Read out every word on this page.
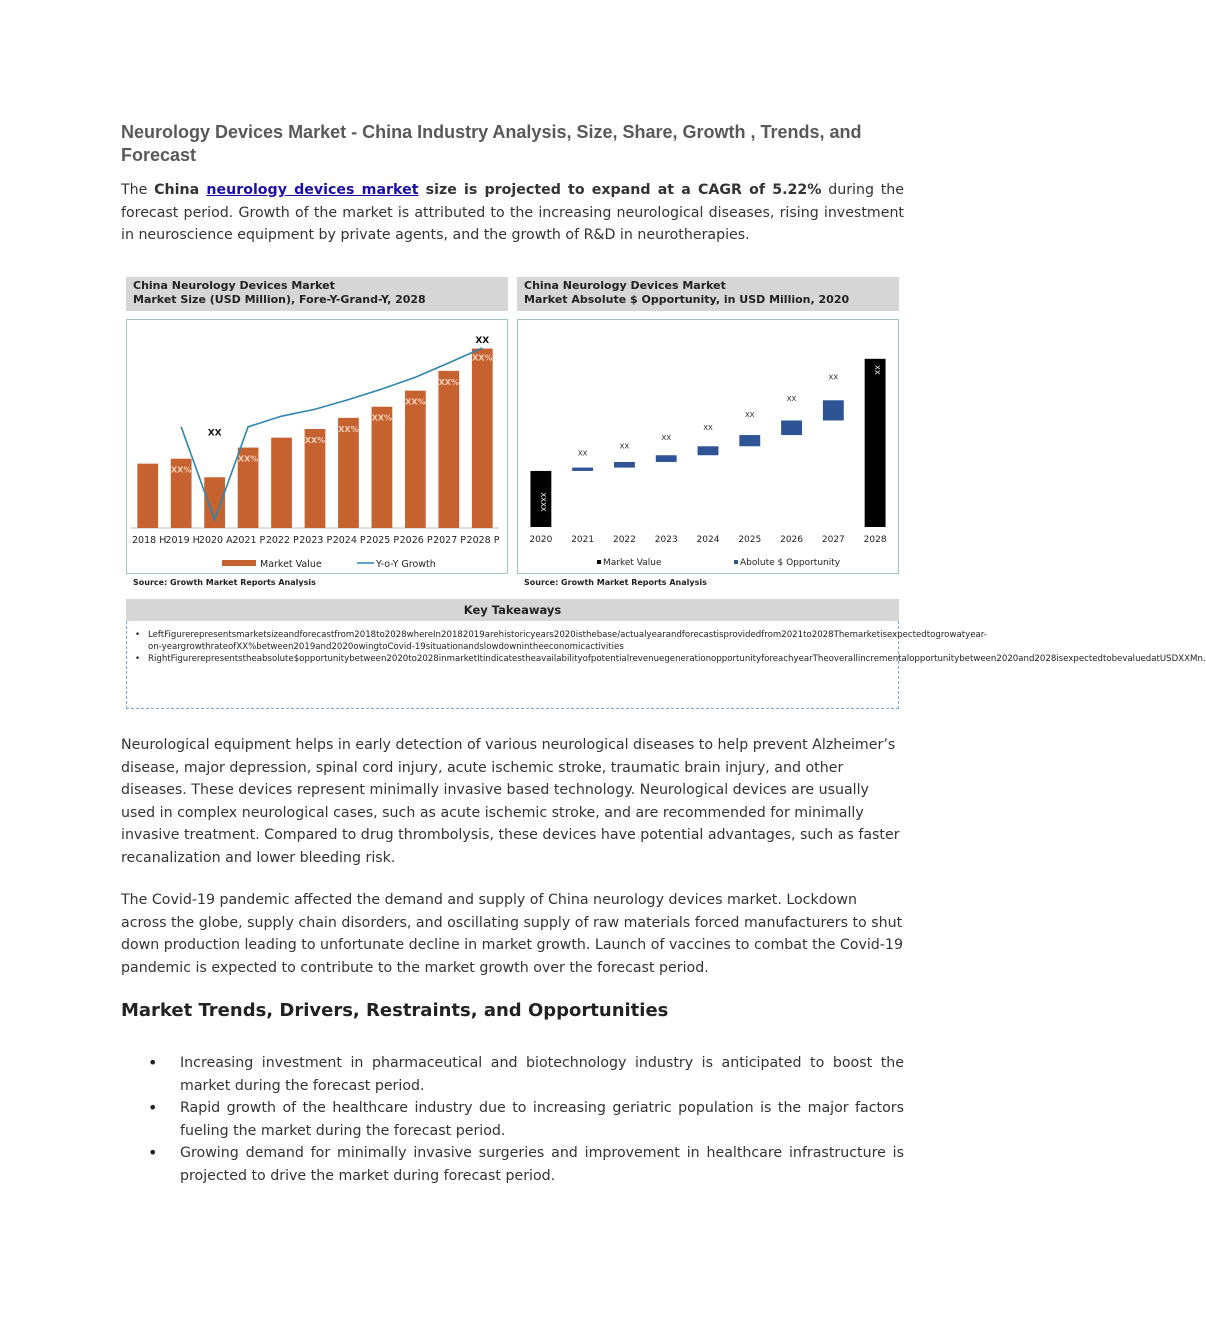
Neurology Devices Market - China Industry Analysis, Size, Share, Growth , Trends, and Forecast

The China neurology devices market size is projected to expand at a CAGR of 5.22% during the forecast period. Growth of the market is attributed to the increasing neurological diseases, rising investment in neuroscience equipment by private agents, and the growth of R&D in neurotherapies.

China Neurology Devices Market
Market Size (USD Million), Fore-Y-Grand-Y, 2028
2018 H 2019 H 2020 A 2021 P 2022 P 2023 P 2024 P 2025 P 2026 P 2027 P 2028 P
XX%
XX
XX%
XX%
XX%
XX%
XX%
XX%
XX%
XX
Market Value	Y-o-Y Growth
Source: Growth Market Reports Analysis
China Neurology Devices Market
Market Absolute $ Opportunity, in USD Million, 2020
XXXX
XX
XX
XX
XX
XX
XX
XX
XX
2020 2021 2022 2023 2024 2025 2026 2027 2028
Market Value	Abolute $ Opportunity
Source: Growth Market Reports Analysis
Key Takeaways
• LeftFigurerepresentsmarketsizeandforecastfrom2018to2028whereIn20182019arehistoricyears2020isthebase/actualyearandforecastisprovidedfrom2021to2028Themarketisexpectedtogrowatyear-on-yeargrowthrateofXX%between2019and2020owingtoCovid-19situationandslowdownintheeconomicactivities
• RightFigurerepresentstheabsolute$opportunitybetween2020to2028inmarketItindicatestheavailabilityofpotentialrevenuegenerationopportunityforeachyearTheoverallincrementalopportunitybetween2020and2028isexpectedtobevaluedatUSDXXMn.

Neurological equipment helps in early detection of various neurological diseases to help prevent Alzheimer’s disease, major depression, spinal cord injury, acute ischemic stroke, traumatic brain injury, and other diseases. These devices represent minimally invasive based technology. Neurological devices are usually used in complex neurological cases, such as acute ischemic stroke, and are recommended for minimally invasive treatment. Compared to drug thrombolysis, these devices have potential advantages, such as faster recanalization and lower bleeding risk.

The Covid-19 pandemic affected the demand and supply of China neurology devices market. Lockdown across the globe, supply chain disorders, and oscillating supply of raw materials forced manufacturers to shut down production leading to unfortunate decline in market growth. Launch of vaccines to combat the Covid-19 pandemic is expected to contribute to the market growth over the forecast period.

Market Trends, Drivers, Restraints, and Opportunities
• Increasing investment in pharmaceutical and biotechnology industry is anticipated to boost the market during the forecast period.
• Rapid growth of the healthcare industry due to increasing geriatric population is the major factors fueling the market during the forecast period.
• Growing demand for minimally invasive surgeries and improvement in healthcare infrastructure is projected to drive the market during forecast period.
